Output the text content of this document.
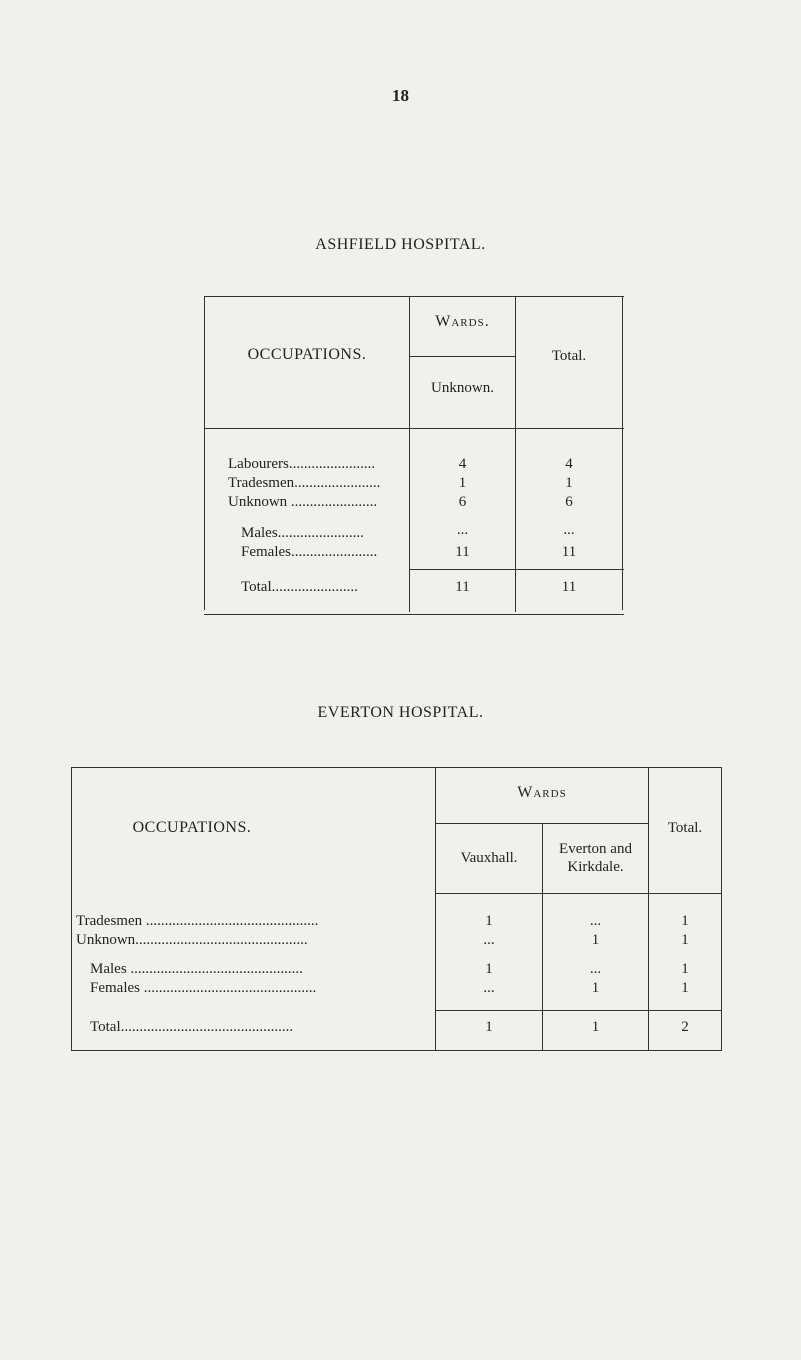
18
ASHFIELD HOSPITAL.
OCCUPATIONS.
Wards.
Unknown.
Total.
Labourers.......................	4	4
Tradesmen.......................	1	1
Unknown .......................	6	6
Males.......................	...	...
Females.......................	11	11
Total.......................	11	11
EVERTON HOSPITAL.
OCCUPATIONS.
Wards
Vauxhall.
Everton and
Kirkdale.
Total.
Tradesmen ..............................................	1	...	1
Unknown..............................................	...	1	1
Males ..............................................	1	...	1
Females ..............................................	...	1	1
Total..............................................	1	1	2
